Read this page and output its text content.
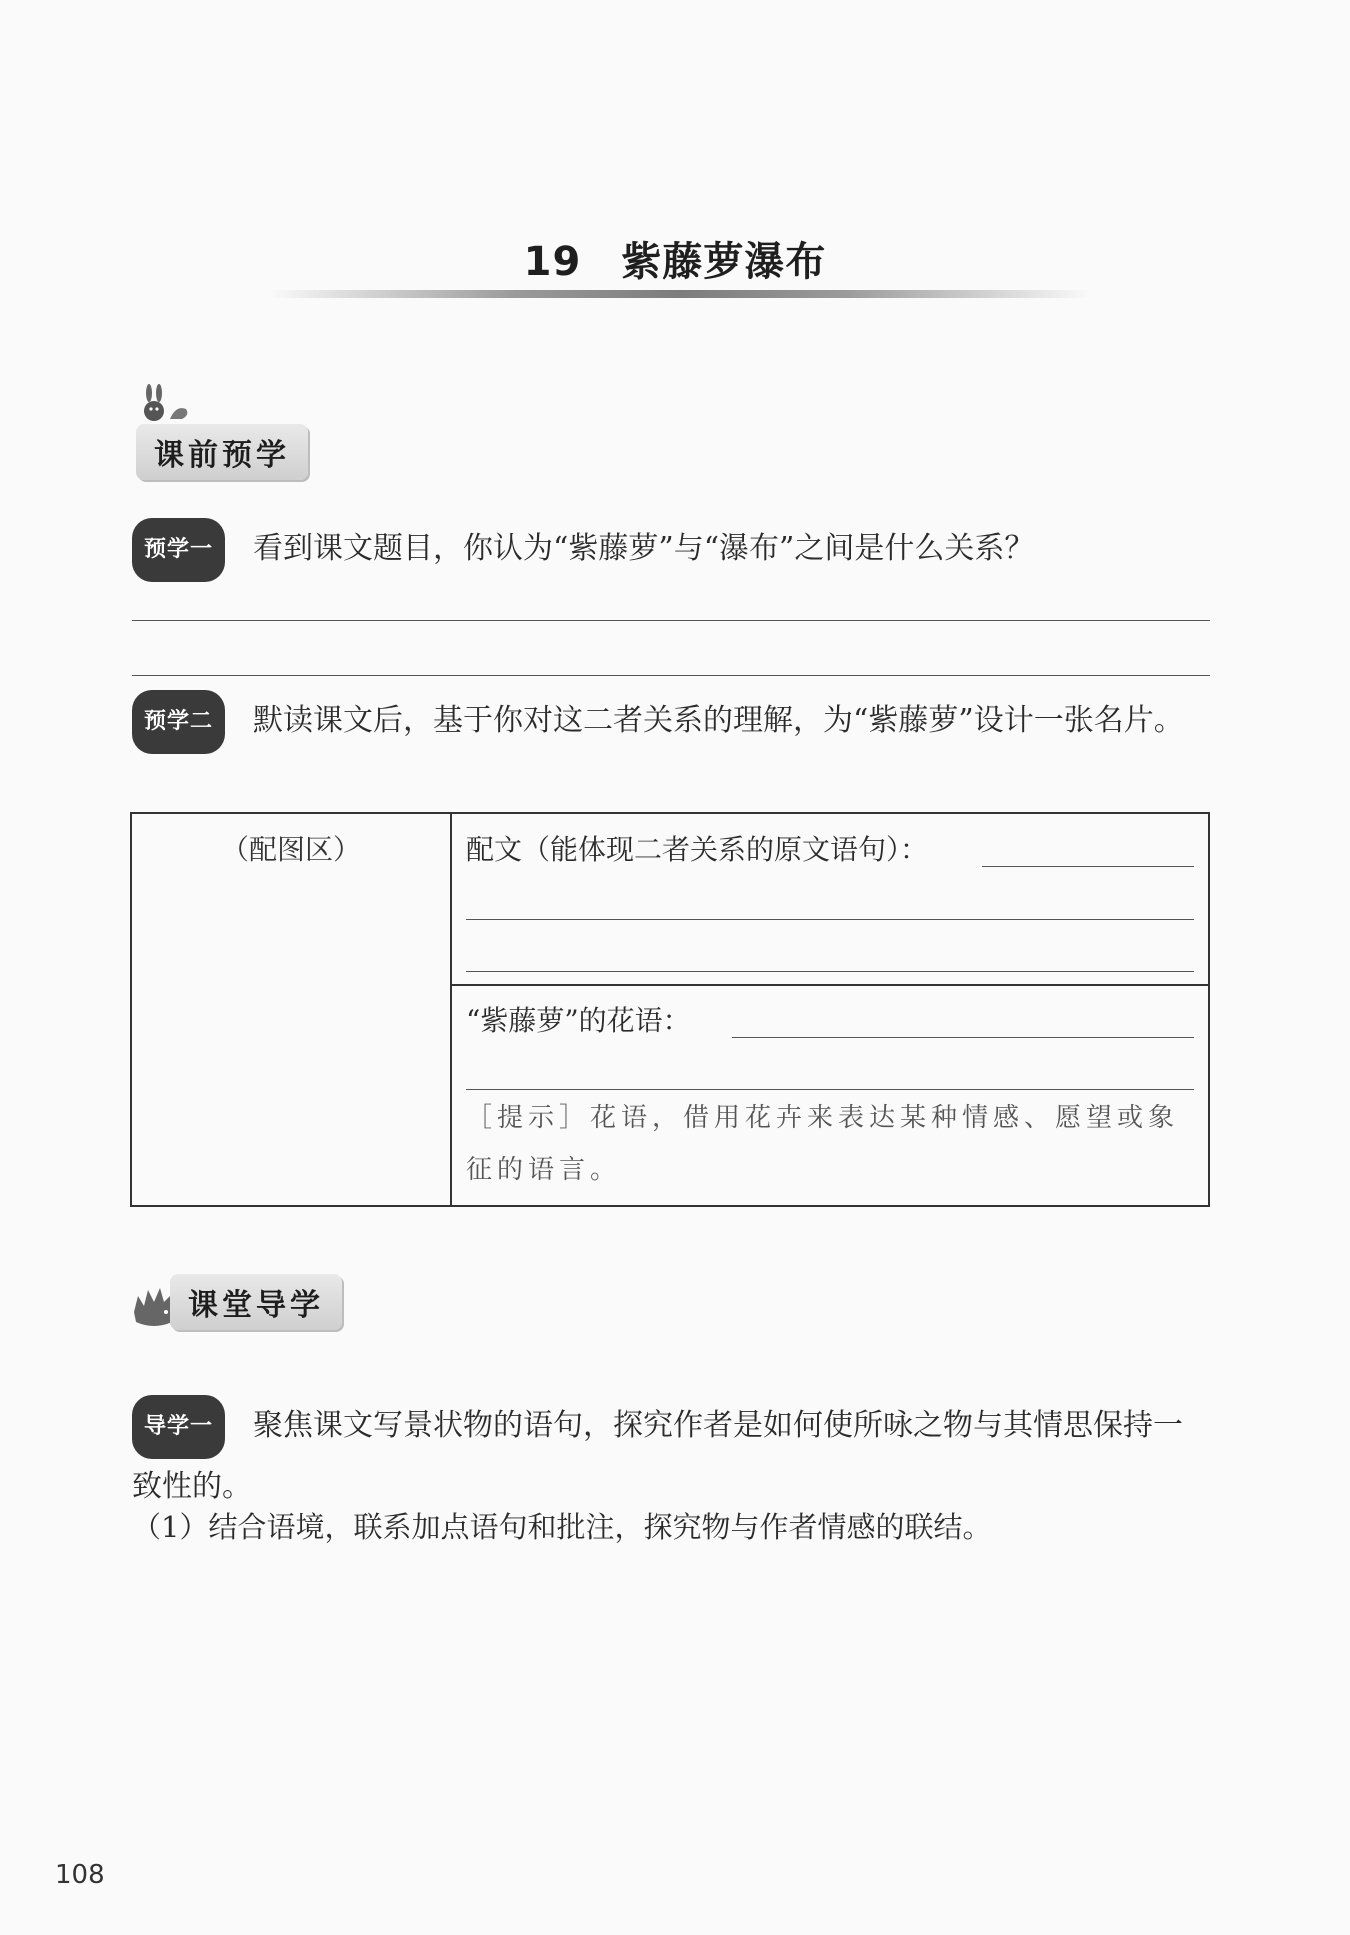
19 紫藤萝瀑布
课前预学
预学一 看到课文题目，你认为“紫藤萝”与“瀑布”之间是什么关系？
预学二 默读课文后，基于你对这二者关系的理解，为“紫藤萝”设计一张名片。
（配图区）	配文（能体现二者关系的原文语句）：
“紫藤萝”的花语：
［提示］花语，借用花卉来表达某种情感、愿望或象征的语言。
课堂导学
导学一 聚焦课文写景状物的语句，探究作者是如何使所咏之物与其情思保持一致性的。
（1）结合语境，联系加点语句和批注，探究物与作者情感的联结。
108
